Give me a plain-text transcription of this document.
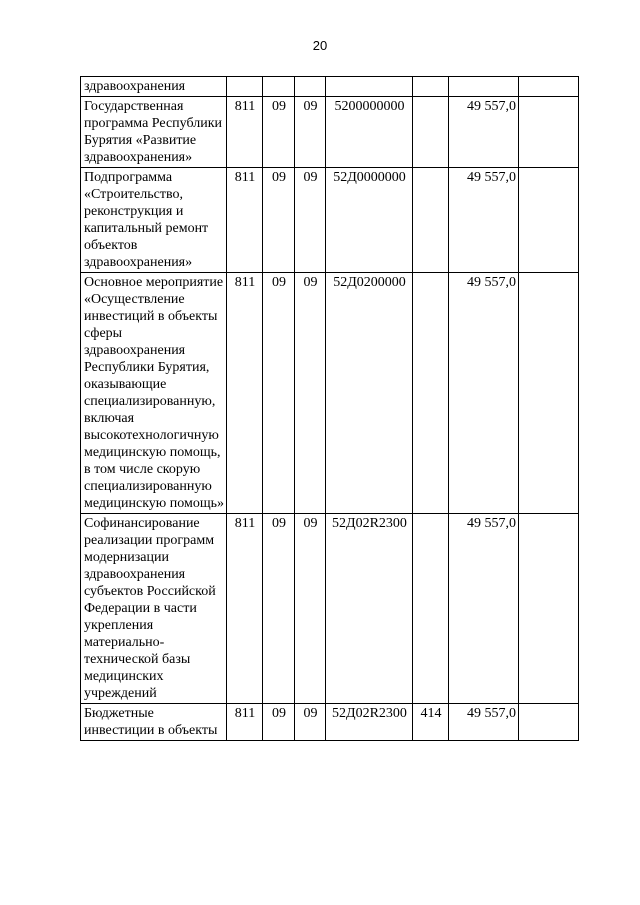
20
здравоохранения							
Государственная программа Республики Бурятия «Развитие здравоохранения»	811	09	09	5200000000		49 557,0	
Подпрограмма «Строительство, реконструкция и капитальный ремонт объектов здравоохранения»	811	09	09	52Д0000000		49 557,0	
Основное мероприятие «Осуществление инвестиций в объекты сферы здравоохранения Республики Бурятия, оказывающие специализированную, включая высокотехнологичную медицинскую помощь, в том числе скорую специализированную медицинскую помощь»	811	09	09	52Д0200000		49 557,0	
Софинансирование реализации программ модернизации здравоохранения субъектов Российской Федерации в части укрепления материально-технической базы медицинских учреждений	811	09	09	52Д02R2300		49 557,0	
Бюджетные инвестиции в объекты	811	09	09	52Д02R2300	414	49 557,0	
